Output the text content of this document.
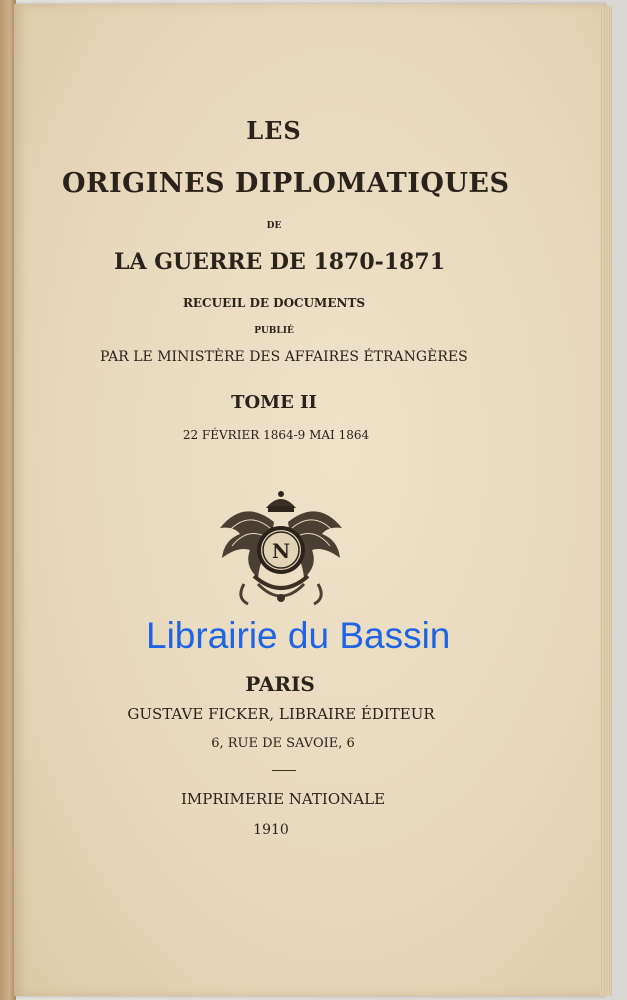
LES
ORIGINES DIPLOMATIQUES
DE
LA GUERRE DE 1870-1871
RECUEIL DE DOCUMENTS
PUBLIÉ
PAR LE MINISTÈRE DES AFFAIRES ÉTRANGÈRES
TOME II
22 FÉVRIER 1864-9 MAI 1864
N
Librairie du Bassin
PARIS
GUSTAVE FICKER, LIBRAIRE ÉDITEUR
6, RUE DE SAVOIE, 6
IMPRIMERIE NATIONALE
1910
